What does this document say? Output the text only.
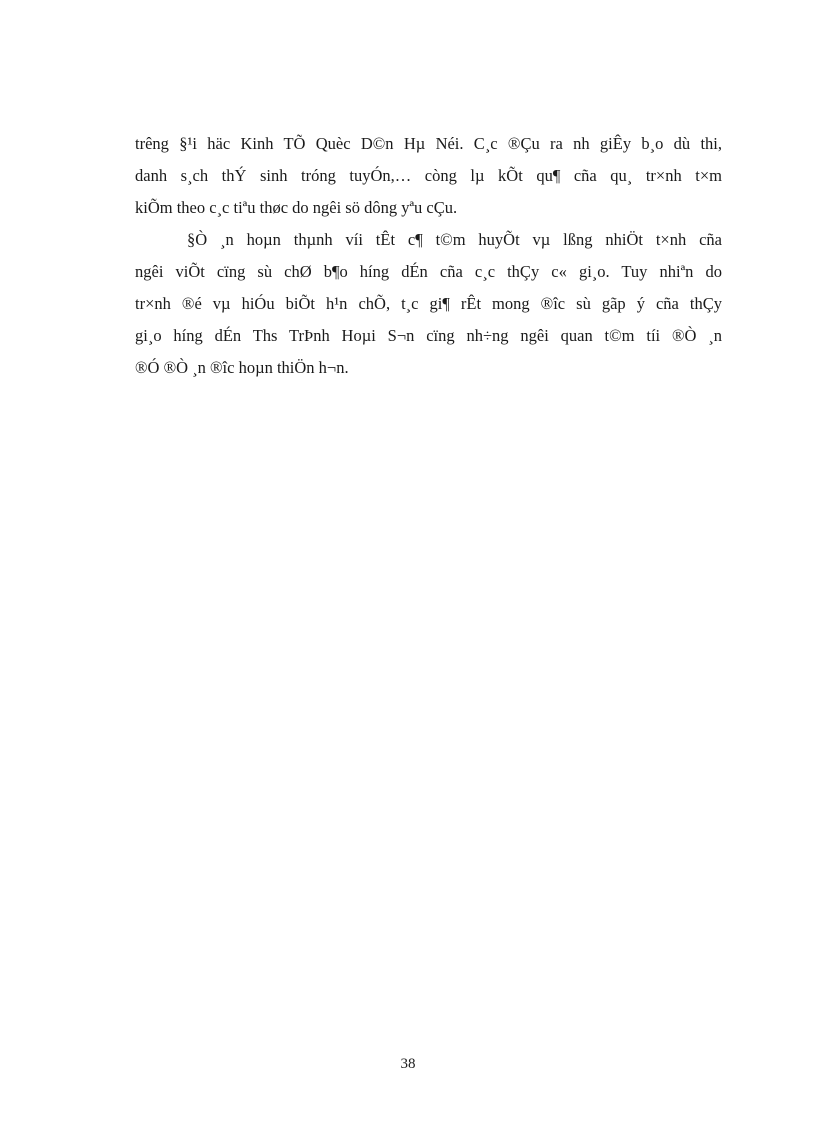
trêng §¹i häc Kinh TÕ Quèc D©n Hµ Néi. C¸c ®Çu ra nh giÊy b¸o dù thi,
danh s¸ch thÝ sinh tróng tuyÓn,… còng lµ kÕt qu¶ cña qu¸ tr×nh t×m
kiÕm theo c¸c tiªu thøc do ngêi sö dông yªu cÇu.
§Ò ¸n hoµn thµnh víi tÊt c¶ t©m huyÕt vµ lßng nhiÖt t×nh cña
ngêi viÕt cïng sù chØ b¶o híng dÉn cña c¸c thÇy c« gi¸o. Tuy nhiªn do
tr×nh ®é vµ hiÓu biÕt h¹n chÕ, t¸c gi¶ rÊt mong ®îc sù gãp ý cña thÇy
gi¸o híng dÉn Ths TrÞnh Hoµi S¬n cïng nh÷ng ngêi quan t©m tíi ®Ò ¸n
®Ó ®Ò ¸n ®îc hoµn thiÖn h¬n.
38
